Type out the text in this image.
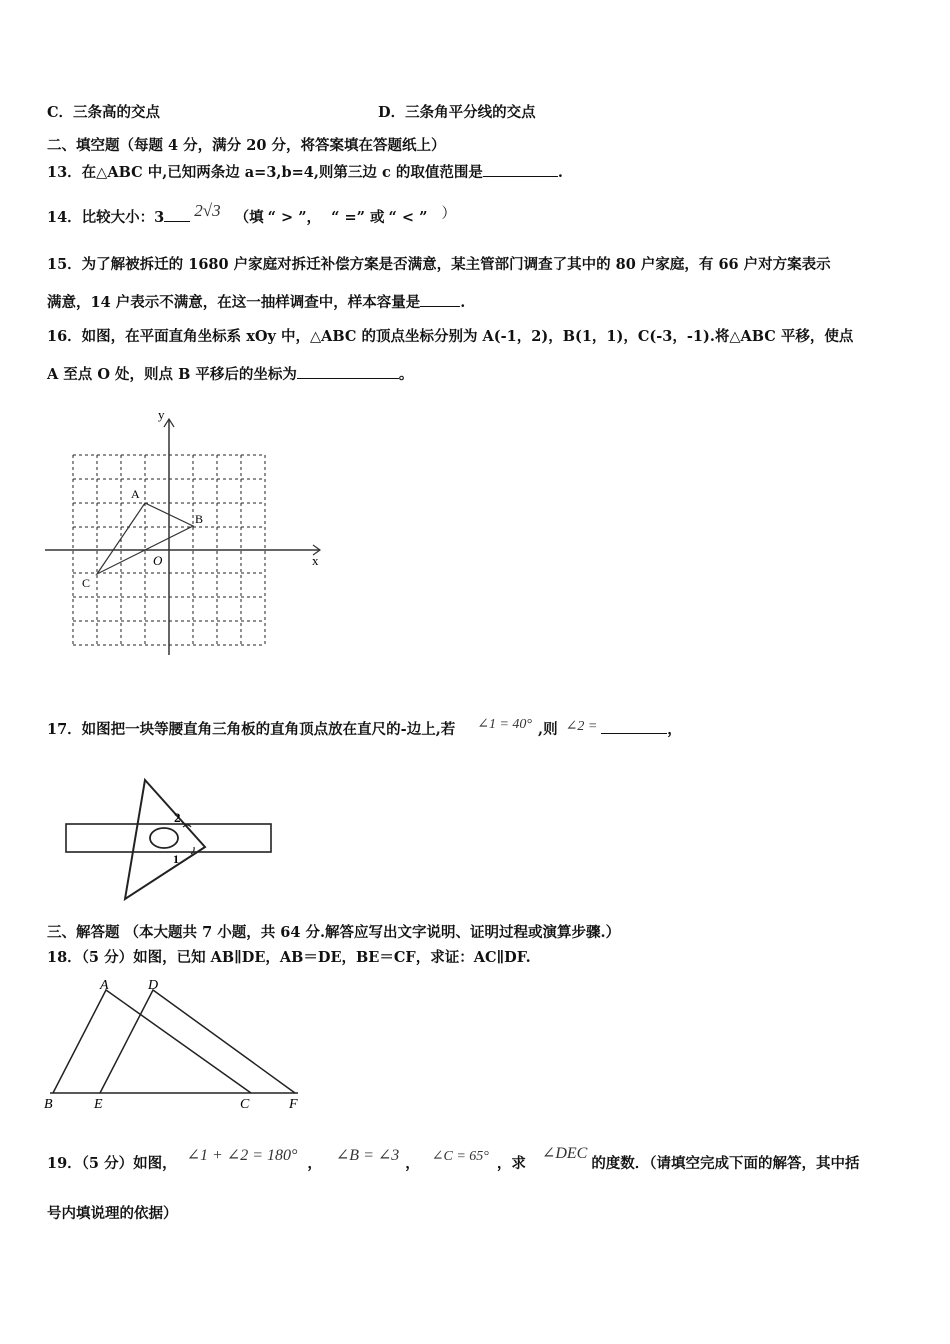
C．三条高的交点	D．三条角平分线的交点
二、填空题（每题 4 分，满分 20 分，将答案填在答题纸上）
13．在△ABC 中,已知两条边 a=3,b=4,则第三边 c 的取值范围是	.
14．比较大小：3 2√3 （填 “ > ”， “ =” 或 “ < ” ）
15．为了解被拆迁的 1680 户家庭对拆迁补偿方案是否满意，某主管部门调查了其中的 80 户家庭，有 66 户对方案表示
满意，14 户表示不满意，在这一抽样调查中，样本容量是	.
16．如图，在平面直角坐标系 xOy 中，△ABC 的顶点坐标分别为 A(-1，2)，B(1，1)，C(-3，-1).将△ABC 平移，使点
A 至点 O 处，则点 B 平移后的坐标为	。
y
x
O
A
B
C
17．如图把一块等腰直角三角板的直角顶点放在直尺的-边上,若 ∠1 = 40° ,则 ∠2 =	，
2
1
三、解答题 （本大题共 7 小题，共 64 分.解答应写出文字说明、证明过程或演算步骤.）
18．（5 分）如图，已知 AB∥DE，AB＝DE，BE＝CF，求证：AC∥DF.
A	D
B	E	C	F
19．（5 分）如图， ∠1 + ∠2 = 180° ， ∠B = ∠3 ， ∠C = 65° ，求∠DEC的度数．（请填空完成下面的解答，其中括
号内填说理的依据）
